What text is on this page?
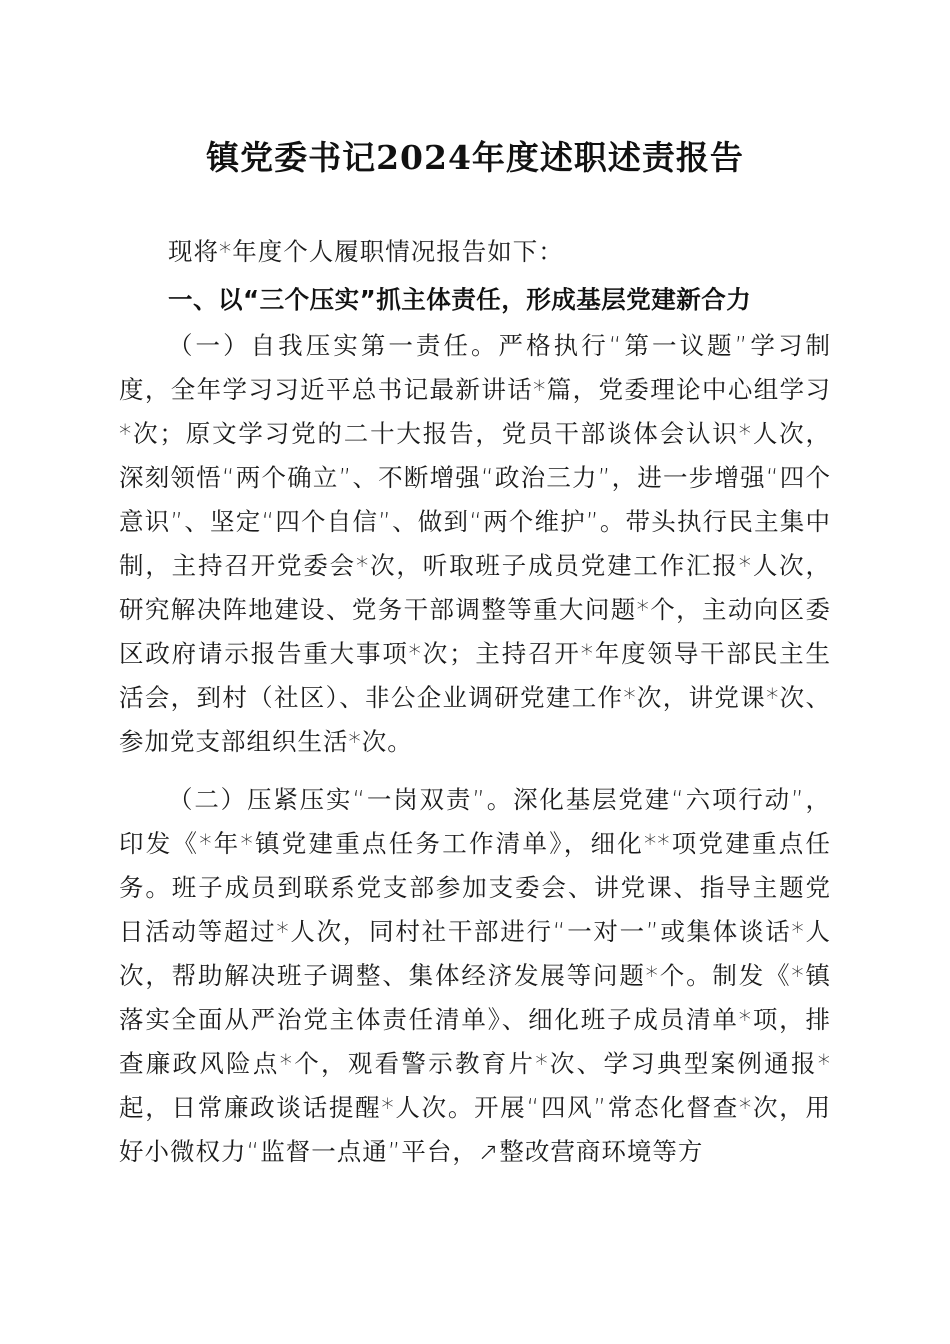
镇党委书记2024年度述职述责报告

现将*年度个人履职情况报告如下：

一、以“三个压实”抓主体责任，形成基层党建新合力

（一）自我压实第一责任。严格执行“第一议题”学习制度，全年学习习近平总书记最新讲话*篇，党委理论中心组学习*次；原文学习党的二十大报告，党员干部谈体会认识*人次，深刻领悟“两个确立”、不断增强“政治三力”，进一步增强“四个意识”、坚定“四个自信”、做到“两个维护”。带头执行民主集中制，主持召开党委会*次，听取班子成员党建工作汇报*人次，研究解决阵地建设、党务干部调整等重大问题*个，主动向区委区政府请示报告重大事项*次；主持召开*年度领导干部民主生活会，到村（社区）、非公企业调研党建工作*次，讲党课*次、参加党支部组织生活*次。

（二）压紧压实“一岗双责”。深化基层党建“六项行动”，印发《*年*镇党建重点任务工作清单》，细化**项党建重点任务。班子成员到联系党支部参加支委会、讲党课、指导主题党日活动等超过*人次，同村社干部进行“一对一”或集体谈话*人次，帮助解决班子调整、集体经济发展等问题*个。制发《*镇落实全面从严治党主体责任清单》、细化班子成员清单*项，排查廉政风险点*个，观看警示教育片*次、学习典型案例通报*起，日常廉政谈话提醒*人次。开展“四风”常态化督查*次，用好小微权力“监督一点通”平台，↗整改营商环境等方
